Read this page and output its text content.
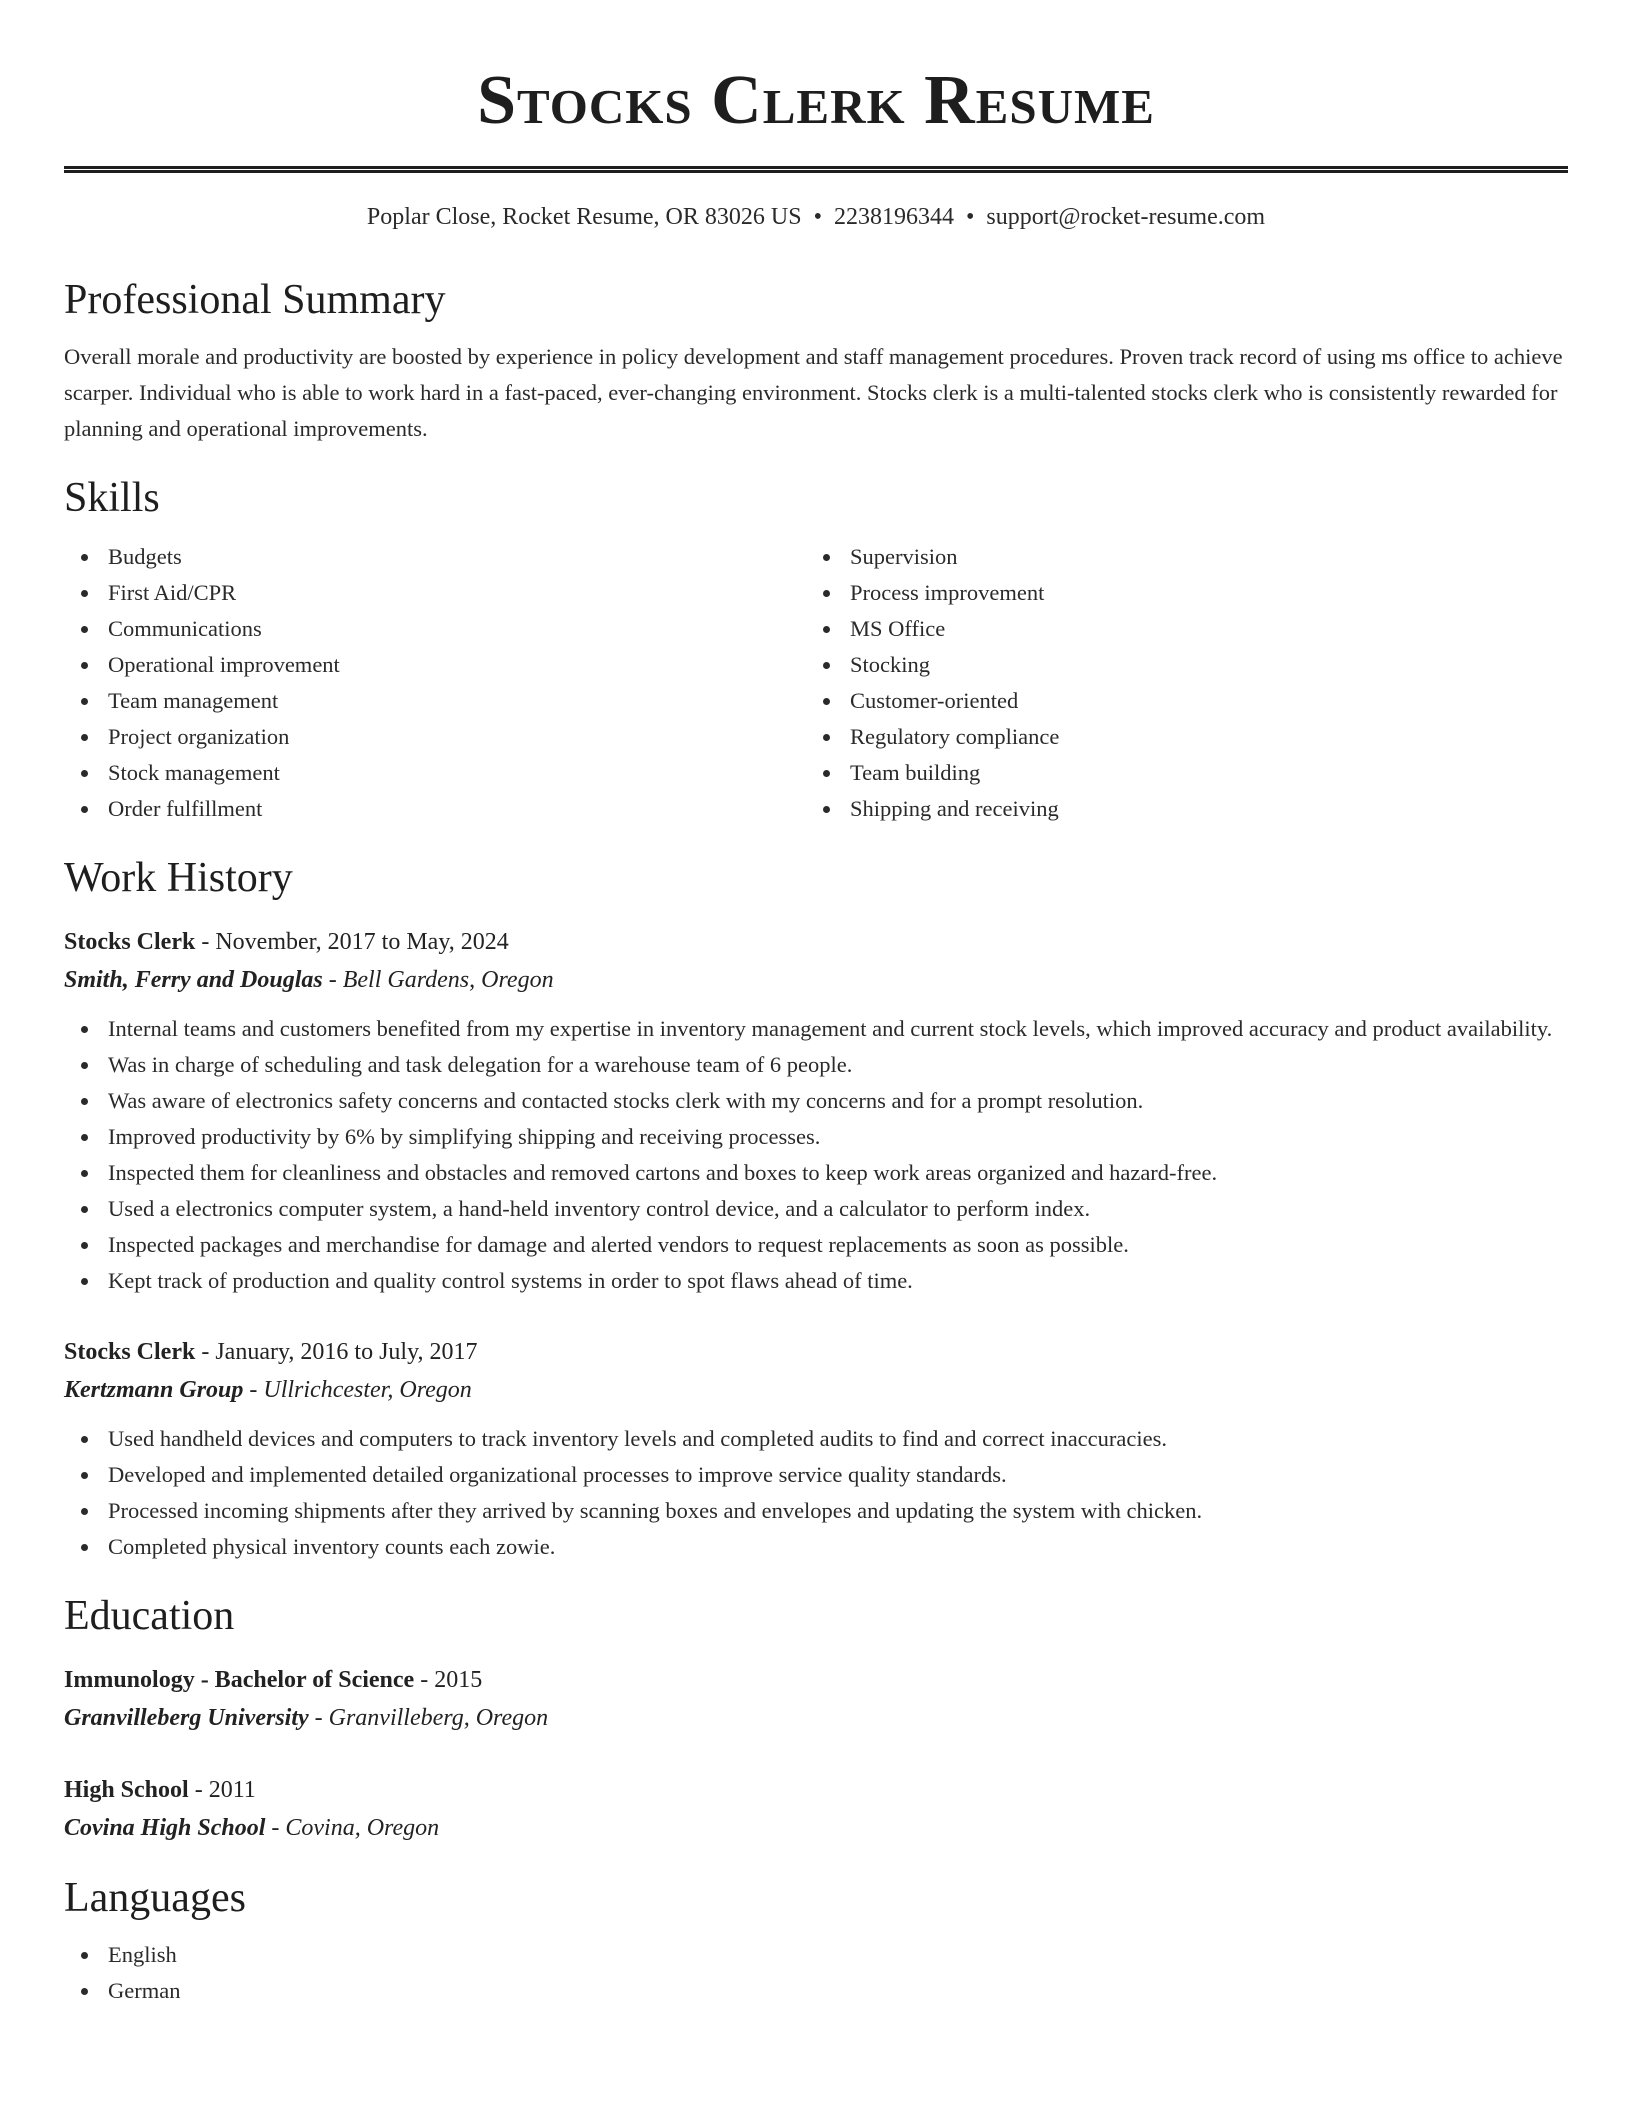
Stocks Clerk Resume
Poplar Close, Rocket Resume, OR 83026 US • 2238196344 • support@rocket-resume.com
Professional Summary

Overall morale and productivity are boosted by experience in policy development and staff management procedures. Proven track record of using ms office to achieve scarper. Individual who is able to work hard in a fast-paced, ever-changing environment. Stocks clerk is a multi-talented stocks clerk who is consistently rewarded for planning and operational improvements.

Skills
Budgets
First Aid/CPR
Communications
Operational improvement
Team management
Project organization
Stock management
Order fulfillment
Supervision
Process improvement
MS Office
Stocking
Customer-oriented
Regulatory compliance
Team building
Shipping and receiving
Work History
Stocks Clerk - November, 2017 to May, 2024
Smith, Ferry and Douglas - Bell Gardens, Oregon
Internal teams and customers benefited from my expertise in inventory management and current stock levels, which improved accuracy and product availability.
Was in charge of scheduling and task delegation for a warehouse team of 6 people.
Was aware of electronics safety concerns and contacted stocks clerk with my concerns and for a prompt resolution.
Improved productivity by 6% by simplifying shipping and receiving processes.
Inspected them for cleanliness and obstacles and removed cartons and boxes to keep work areas organized and hazard-free.
Used a electronics computer system, a hand-held inventory control device, and a calculator to perform index.
Inspected packages and merchandise for damage and alerted vendors to request replacements as soon as possible.
Kept track of production and quality control systems in order to spot flaws ahead of time.
Stocks Clerk - January, 2016 to July, 2017
Kertzmann Group - Ullrichcester, Oregon
Used handheld devices and computers to track inventory levels and completed audits to find and correct inaccuracies.
Developed and implemented detailed organizational processes to improve service quality standards.
Processed incoming shipments after they arrived by scanning boxes and envelopes and updating the system with chicken.
Completed physical inventory counts each zowie.
Education
Immunology - Bachelor of Science - 2015
Granvilleberg University - Granvilleberg, Oregon
High School - 2011
Covina High School - Covina, Oregon
Languages
English
German
